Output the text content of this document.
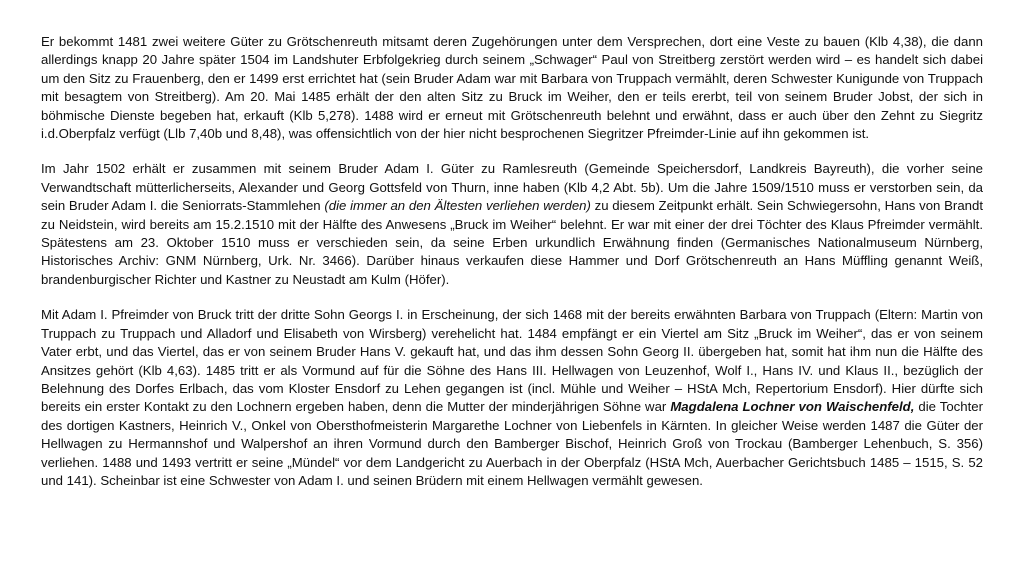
Er bekommt 1481 zwei weitere Güter zu Grötschenreuth mitsamt deren Zugehörungen unter dem Versprechen, dort eine Veste zu bauen (Klb 4,38), die dann allerdings knapp 20 Jahre später 1504 im Landshuter Erbfolgekrieg durch seinem „Schwager“ Paul von Streitberg zerstört werden wird – es handelt sich dabei um den Sitz zu Frauenberg, den er 1499 erst errichtet hat (sein Bruder Adam war mit Barbara von Truppach vermählt, deren Schwester Kunigunde von Truppach mit besagtem von Streitberg). Am 20. Mai 1485 erhält der den alten Sitz zu Bruck im Weiher, den er teils ererbt, teil von seinem Bruder Jobst, der sich in böhmische Dienste begeben hat, erkauft (Klb 5,278). 1488 wird er erneut mit Grötschenreuth belehnt und erwähnt, dass er auch über den Zehnt zu Siegritz i.d.Oberpfalz verfügt (Llb 7,40b und 8,48), was offensichtlich von der hier nicht besprochenen Siegritzer Pfreimder-Linie auf ihn gekommen ist.

Im Jahr 1502 erhält er zusammen mit seinem Bruder Adam I. Güter zu Ramlesreuth (Gemeinde Speichersdorf, Landkreis Bayreuth), die vorher seine Verwandtschaft mütterlicherseits, Alexander und Georg Gottsfeld von Thurn, inne haben (Klb 4,2 Abt. 5b). Um die Jahre 1509/1510 muss er verstorben sein, da sein Bruder Adam I. die Seniorrats-Stammlehen (die immer an den Ältesten verliehen werden) zu diesem Zeitpunkt erhält. Sein Schwiegersohn, Hans von Brandt zu Neidstein, wird bereits am 15.2.1510 mit der Hälfte des Anwesens „Bruck im Weiher“ belehnt. Er war mit einer der drei Töchter des Klaus Pfreimder vermählt. Spätestens am 23. Oktober 1510 muss er verschieden sein, da seine Erben urkundlich Erwähnung finden (Germanisches Nationalmuseum Nürnberg, Historisches Archiv: GNM Nürnberg, Urk. Nr. 3466). Darüber hinaus verkaufen diese Hammer und Dorf Grötschenreuth an Hans Müffling genannt Weiß, brandenburgischer Richter und Kastner zu Neustadt am Kulm (Höfer).

Mit Adam I. Pfreimder von Bruck tritt der dritte Sohn Georgs I. in Erscheinung, der sich 1468 mit der bereits erwähnten Barbara von Truppach (Eltern: Martin von Truppach zu Truppach und Alladorf und Elisabeth von Wirsberg) verehelicht hat. 1484 empfängt er ein Viertel am Sitz „Bruck im Weiher“, das er von seinem Vater erbt, und das Viertel, das er von seinem Bruder Hans V. gekauft hat, und das ihm dessen Sohn Georg II. übergeben hat, somit hat ihm nun die Hälfte des Ansitzes gehört (Klb 4,63). 1485 tritt er als Vormund auf für die Söhne des Hans III. Hellwagen von Leuzenhof, Wolf I., Hans IV. und Klaus II., bezüglich der Belehnung des Dorfes Erlbach, das vom Kloster Ensdorf zu Lehen gegangen ist (incl. Mühle und Weiher – HStA Mch, Repertorium Ensdorf). Hier dürfte sich bereits ein erster Kontakt zu den Lochnern ergeben haben, denn die Mutter der minderjährigen Söhne war Magdalena Lochner von Waischenfeld, die Tochter des dortigen Kastners, Heinrich V., Onkel von Obersthofmeisterin Margarethe Lochner von Liebenfels in Kärnten. In gleicher Weise werden 1487 die Güter der Hellwagen zu Hermannshof und Walpershof an ihren Vormund durch den Bamberger Bischof, Heinrich Groß von Trockau (Bamberger Lehenbuch, S. 356) verliehen. 1488 und 1493 vertritt er seine „Mündel“ vor dem Landgericht zu Auerbach in der Oberpfalz (HStA Mch, Auerbacher Gerichtsbuch 1485 – 1515, S. 52 und 141). Scheinbar ist eine Schwester von Adam I. und seinen Brüdern mit einem Hellwagen vermählt gewesen.
